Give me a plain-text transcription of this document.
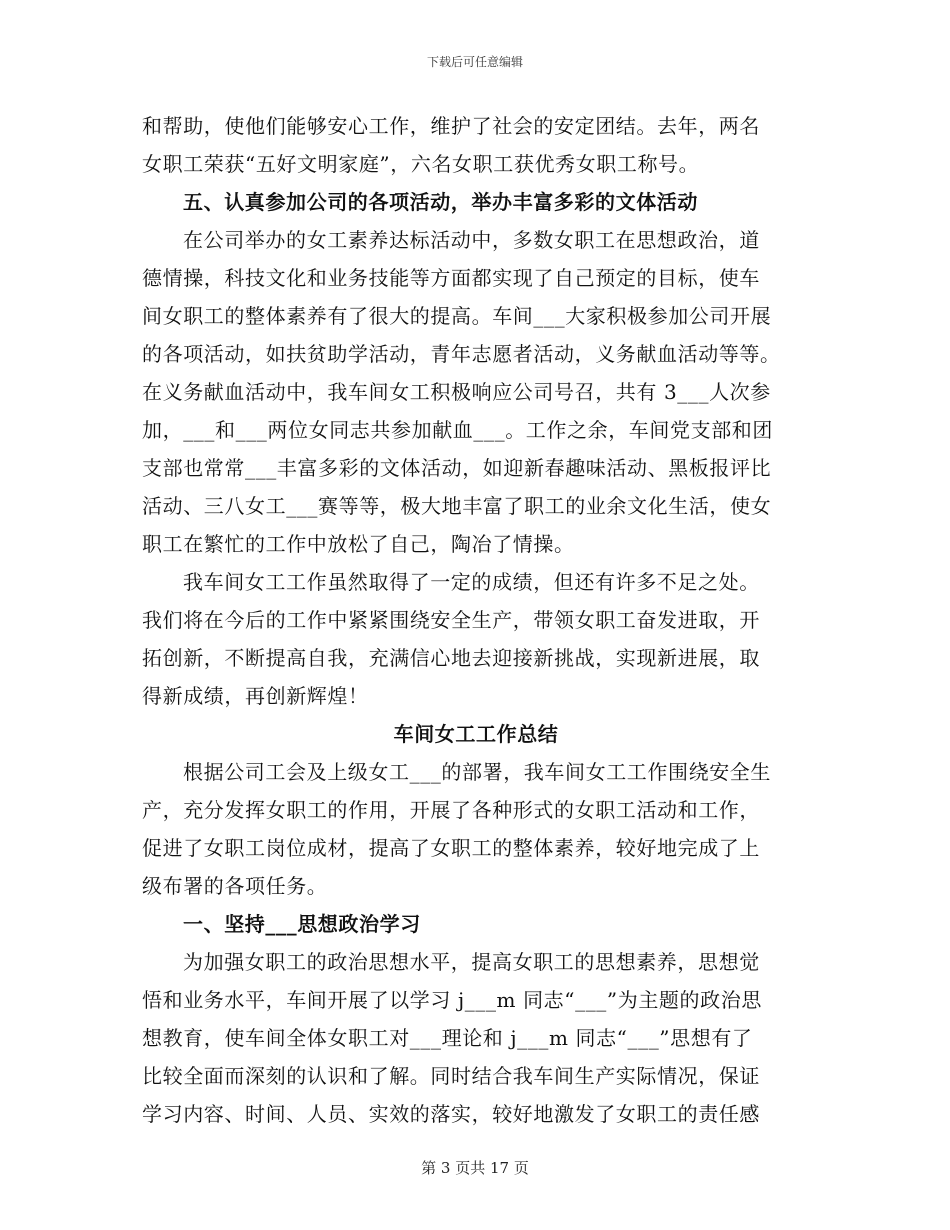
下载后可任意编辑
和帮助，使他们能够安心工作，维护了社会的安定团结。去年，两名
女职工荣获“五好文明家庭”，六名女职工获优秀女职工称号。
五、认真参加公司的各项活动，举办丰富多彩的文体活动
在公司举办的女工素养达标活动中，多数女职工在思想政治，道
德情操，科技文化和业务技能等方面都实现了自己预定的目标，使车
间女职工的整体素养有了很大的提高。车间___大家积极参加公司开展
的各项活动，如扶贫助学活动，青年志愿者活动，义务献血活动等等。
在义务献血活动中，我车间女工积极响应公司号召，共有 3___人次参
加，___和___两位女同志共参加献血___。工作之余，车间党支部和团
支部也常常___丰富多彩的文体活动，如迎新春趣味活动、黑板报评比
活动、三八女工___赛等等，极大地丰富了职工的业余文化生活，使女
职工在繁忙的工作中放松了自己，陶冶了情操。
我车间女工工作虽然取得了一定的成绩，但还有许多不足之处。
我们将在今后的工作中紧紧围绕安全生产，带领女职工奋发进取，开
拓创新，不断提高自我，充满信心地去迎接新挑战，实现新进展，取
得新成绩，再创新辉煌！
车间女工工作总结
根据公司工会及上级女工___的部署，我车间女工工作围绕安全生
产，充分发挥女职工的作用，开展了各种形式的女职工活动和工作，
促进了女职工岗位成材，提高了女职工的整体素养，较好地完成了上
级布署的各项任务。
一、坚持___思想政治学习
为加强女职工的政治思想水平，提高女职工的思想素养，思想觉
悟和业务水平，车间开展了以学习 j___m 同志“___”为主题的政治思
想教育，使车间全体女职工对___理论和 j___m 同志“___”思想有了
比较全面而深刻的认识和了解。同时结合我车间生产实际情况，保证
学习内容、时间、人员、实效的落实，较好地激发了女职工的责任感
第 3 页共 17 页
